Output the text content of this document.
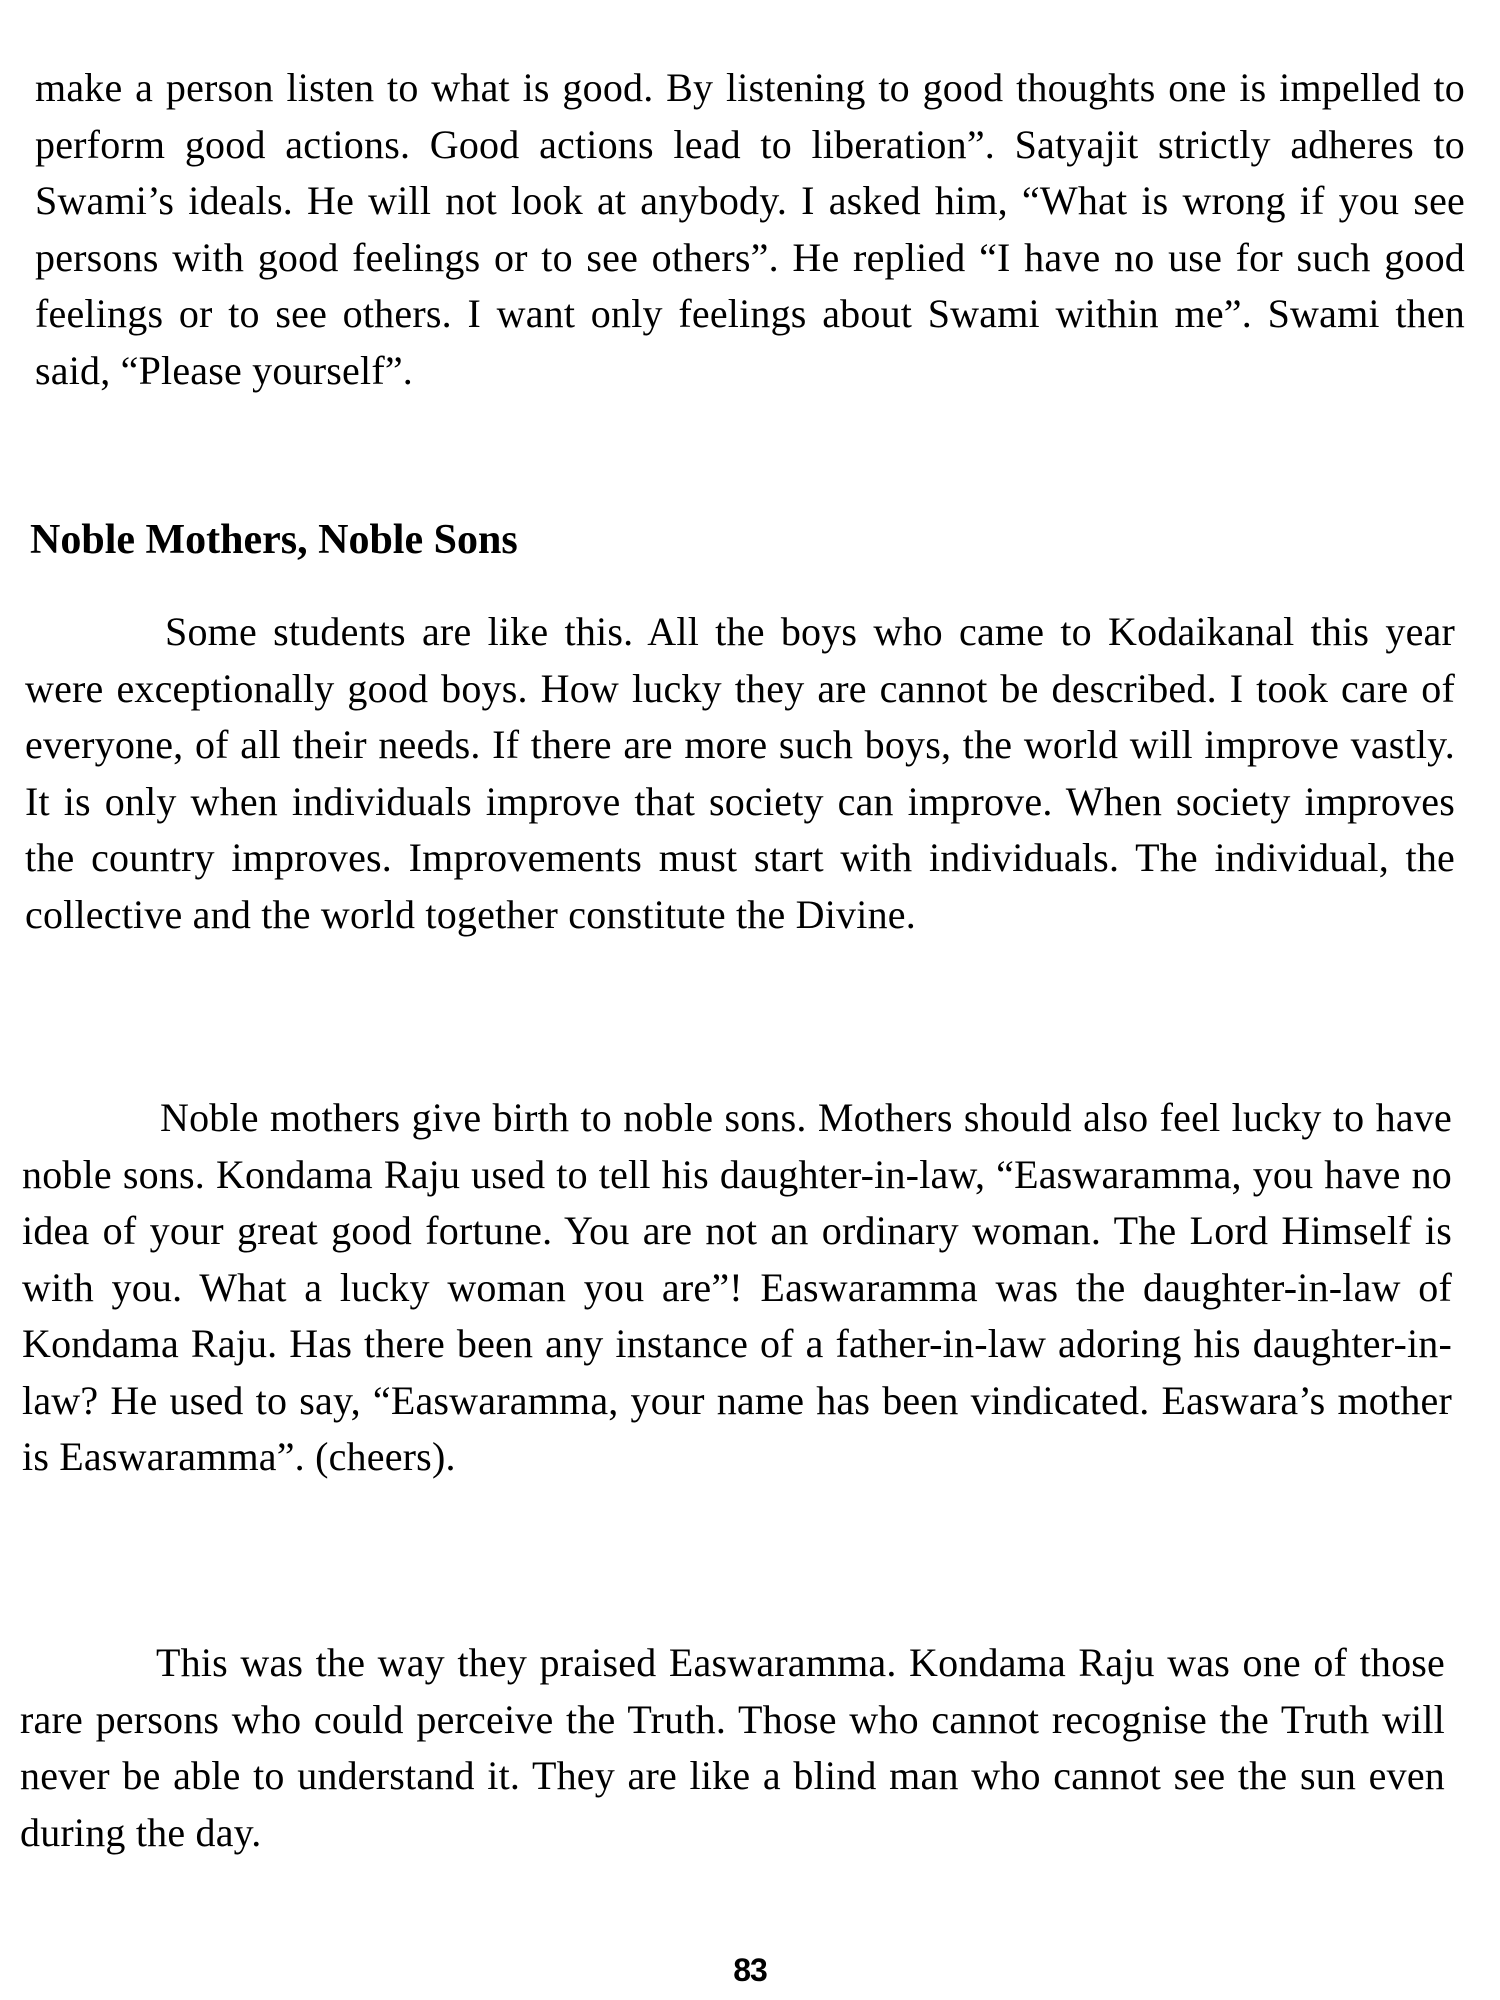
make a person listen to what is good. By listening to good thoughts one is impelled to perform good actions. Good actions lead to liberation”. Satyajit strictly adheres to Swami’s ideals. He will not look at anybody. I asked him, “What is wrong if you see persons with good feelings or to see others”. He replied “I have no use for such good feelings or to see others. I want only feelings about Swami within me”. Swami then said, “Please yourself”.

Noble Mothers, Noble Sons

Some students are like this. All the boys who came to Kodaikanal this year were exceptionally good boys. How lucky they are cannot be described. I took care of everyone, of all their needs. If there are more such boys, the world will improve vastly. It is only when individuals improve that society can improve. When society improves the country improves. Improvements must start with individuals. The individual, the collective and the world together constitute the Divine.

Noble mothers give birth to noble sons. Mothers should also feel lucky to have noble sons. Kondama Raju used to tell his daughter-in-law, “Easwaramma, you have no idea of your great good fortune. You are not an ordinary woman. The Lord Himself is with you. What a lucky woman you are”! Easwaramma was the daughter-in-law of Kondama Raju. Has there been any instance of a father-in-law adoring his daughter-in-law? He used to say, “Easwaramma, your name has been vindicated. Easwara’s mother is Easwaramma”. (cheers).

This was the way they praised Easwaramma. Kondama Raju was one of those rare persons who could perceive the Truth. Those who cannot recognise the Truth will never be able to understand it. They are like a blind man who cannot see the sun even during the day.

83
